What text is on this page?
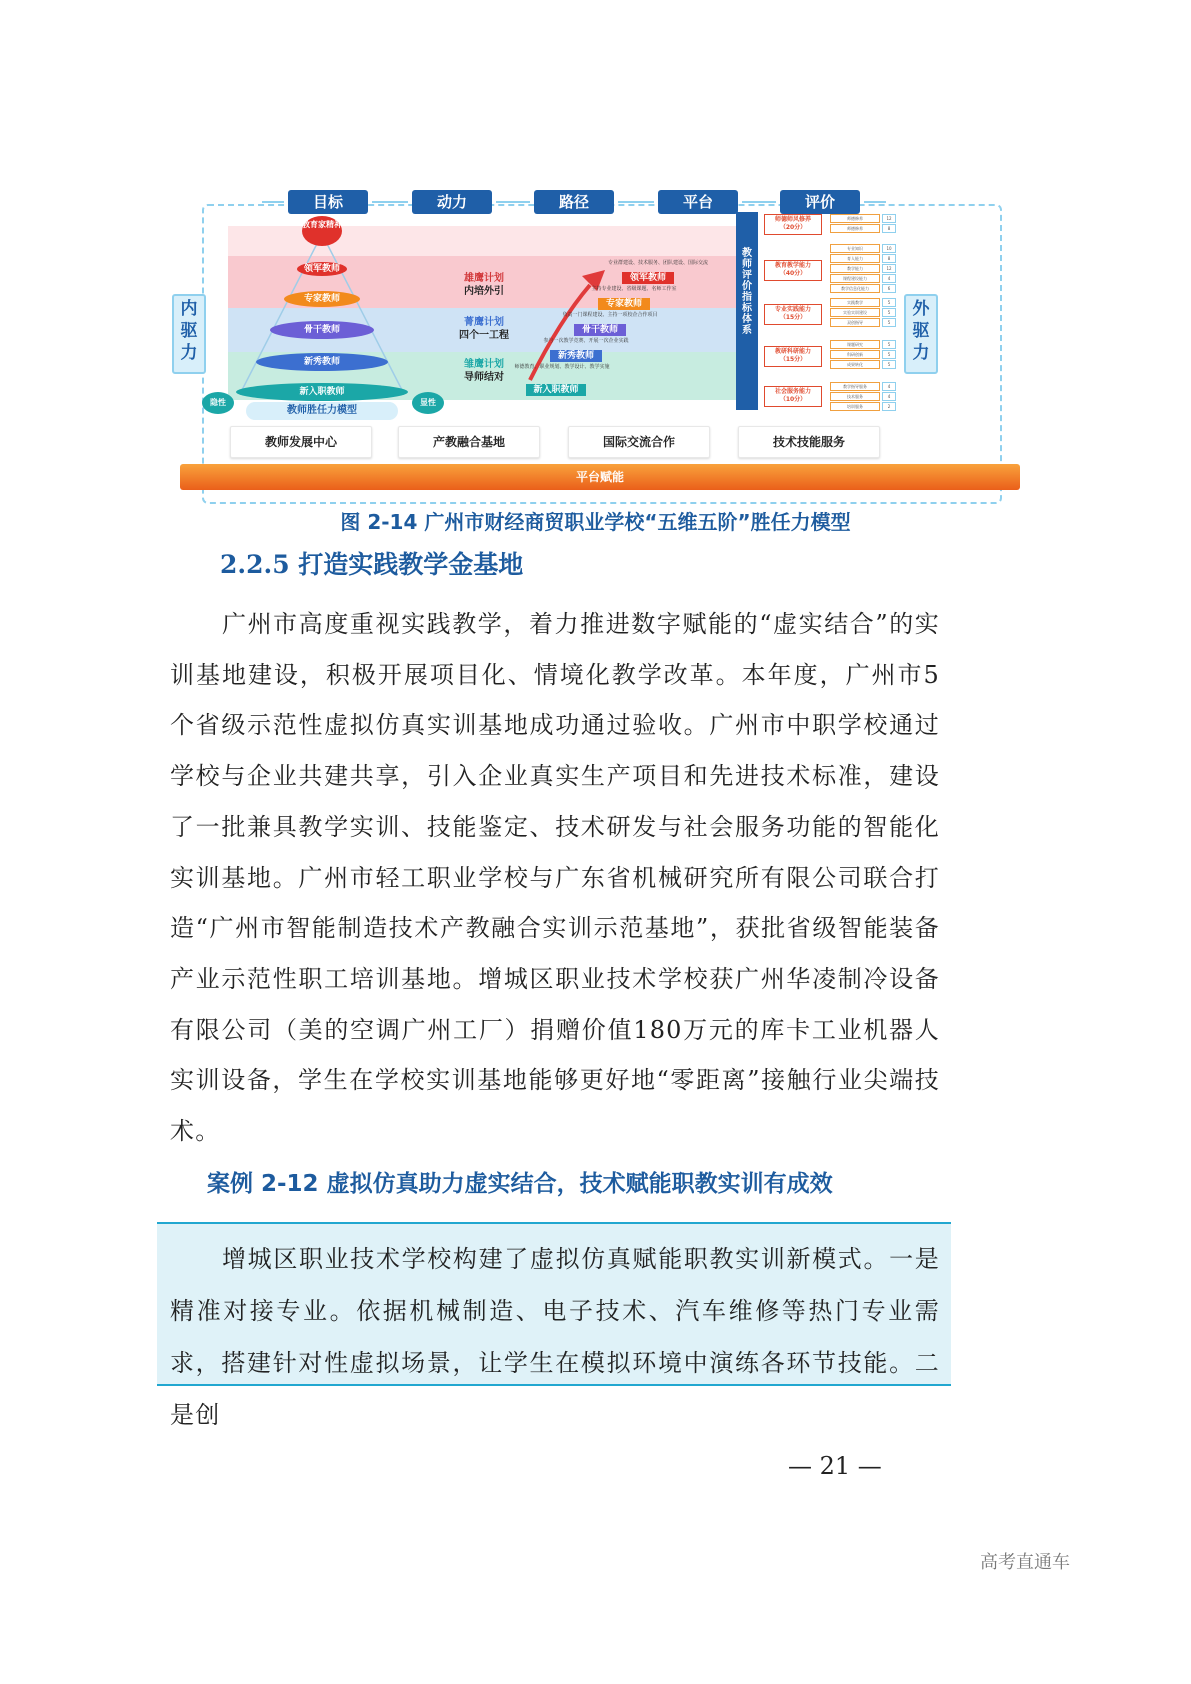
目标	动力	路径	平台	评价
内驱力
外驱力
教育家精神
领军教师
专家教师
骨干教师
新秀教师
新入职教师
教师胜任力模型
隐性	显性
雄鹰计划
内培外引
菁鹰计划
四个一工程
雏鹰计划
导师结对
专业群建设、技术服务、团队建设、国际交流
领军教师
主持专业建设、省级课题、名师工作室
专家教师
负责一门课程建设、主持一项校企合作项目
骨干教师
参与一次教学竞赛、开展一次企业实践
新秀教师
师德教育、职业规划、教学设计、教学实施
新入职教师
教师评价指标体系
师德师风修养
（20分）
师德修养	12
师德修养	8
教育教学能力
（40分）
专业知识	10
育人能力	8
教学能力	12
课程建设能力	4
教学信息化能力	6
专业实践能力
（15分）
实践教学	5
实验实训建设	5
双创指导	5
教研科研能力
（15分）
课题研究	5
科研创新	5
成果转化	5
社会服务能力
（10分）
教学指导服务	4
技术服务	4
培训服务	2
教师发展中心	产教融合基地	国际交流合作	技术技能服务
平台赋能
图 2-14 广州市财经商贸职业学校“五维五阶”胜任力模型
2.2.5 打造实践教学金基地
广州市高度重视实践教学，着力推进数字赋能的“虚实结合”的实训基地建设，积极开展项目化、情境化教学改革。本年度，广州市5个省级示范性虚拟仿真实训基地成功通过验收。广州市中职学校通过学校与企业共建共享，引入企业真实生产项目和先进技术标准，建设了一批兼具教学实训、技能鉴定、技术研发与社会服务功能的智能化实训基地。广州市轻工职业学校与广东省机械研究所有限公司联合打造“广州市智能制造技术产教融合实训示范基地”，获批省级智能装备产业示范性职工培训基地。增城区职业技术学校获广州华凌制冷设备有限公司（美的空调广州工厂）捐赠价值180万元的库卡工业机器人实训设备，学生在学校实训基地能够更好地“零距离”接触行业尖端技术。
案例 2-12 虚拟仿真助力虚实结合，技术赋能职教实训有成效
增城区职业技术学校构建了虚拟仿真赋能职教实训新模式。一是精准对接专业。依据机械制造、电子技术、汽车维修等热门专业需求，搭建针对性虚拟场景，让学生在模拟环境中演练各环节技能。二是创
— 21 —
高考直通车
